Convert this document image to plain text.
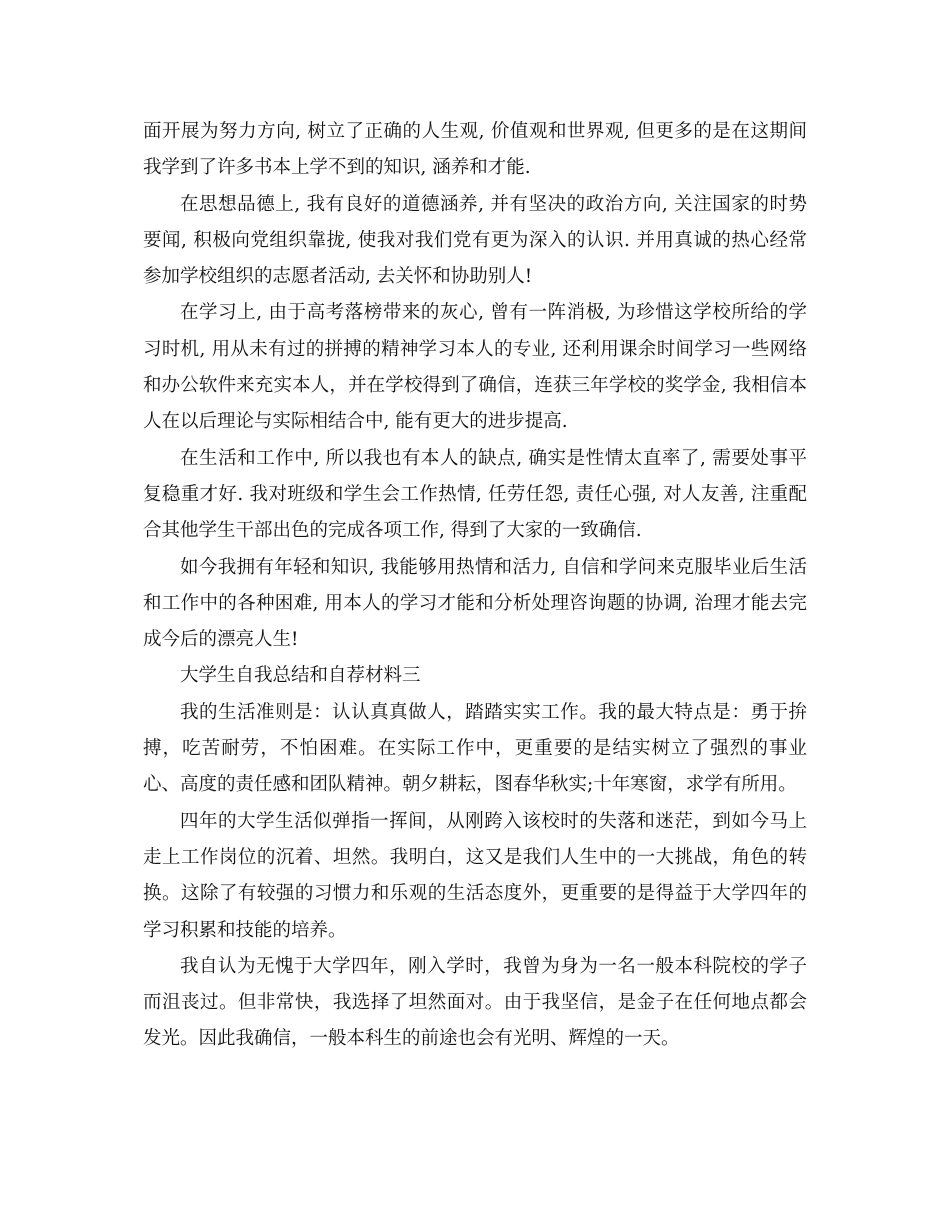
面开展为努力方向, 树立了正确的人生观, 价值观和世界观, 但更多的是在这期间我学到了许多书本上学不到的知识, 涵养和才能.

在思想品德上, 我有良好的道德涵养, 并有坚决的政治方向, 关注国家的时势要闻, 积极向党组织靠拢, 使我对我们党有更为深入的认识. 并用真诚的热心经常参加学校组织的志愿者活动, 去关怀和协助别人!

在学习上, 由于高考落榜带来的灰心, 曾有一阵消极, 为珍惜这学校所给的学习时机, 用从未有过的拼搏的精神学习本人的专业, 还利用课余时间学习一些网络和办公软件来充实本人，并在学校得到了确信，连获三年学校的奖学金, 我相信本人在以后理论与实际相结合中, 能有更大的进步提高.

在生活和工作中, 所以我也有本人的缺点, 确实是性情太直率了, 需要处事平复稳重才好. 我对班级和学生会工作热情, 任劳任怨, 责任心强, 对人友善, 注重配合其他学生干部出色的完成各项工作, 得到了大家的一致确信.

如今我拥有年轻和知识, 我能够用热情和活力, 自信和学问来克服毕业后生活和工作中的各种困难, 用本人的学习才能和分析处理咨询题的协调, 治理才能去完成今后的漂亮人生!

大学生自我总结和自荐材料三

我的生活准则是：认认真真做人，踏踏实实工作。我的最大特点是：勇于拚搏，吃苦耐劳，不怕困难。在实际工作中，更重要的是结实树立了强烈的事业心、高度的责任感和团队精神。朝夕耕耘，图春华秋实;十年寒窗，求学有所用。

四年的大学生活似弹指一挥间，从刚跨入该校时的失落和迷茫，到如今马上走上工作岗位的沉着、坦然。我明白，这又是我们人生中的一大挑战，角色的转换。这除了有较强的习惯力和乐观的生活态度外，更重要的是得益于大学四年的学习积累和技能的培养。

我自认为无愧于大学四年，刚入学时，我曾为身为一名一般本科院校的学子而沮丧过。但非常快，我选择了坦然面对。由于我坚信，是金子在任何地点都会发光。因此我确信，一般本科生的前途也会有光明、辉煌的一天。
